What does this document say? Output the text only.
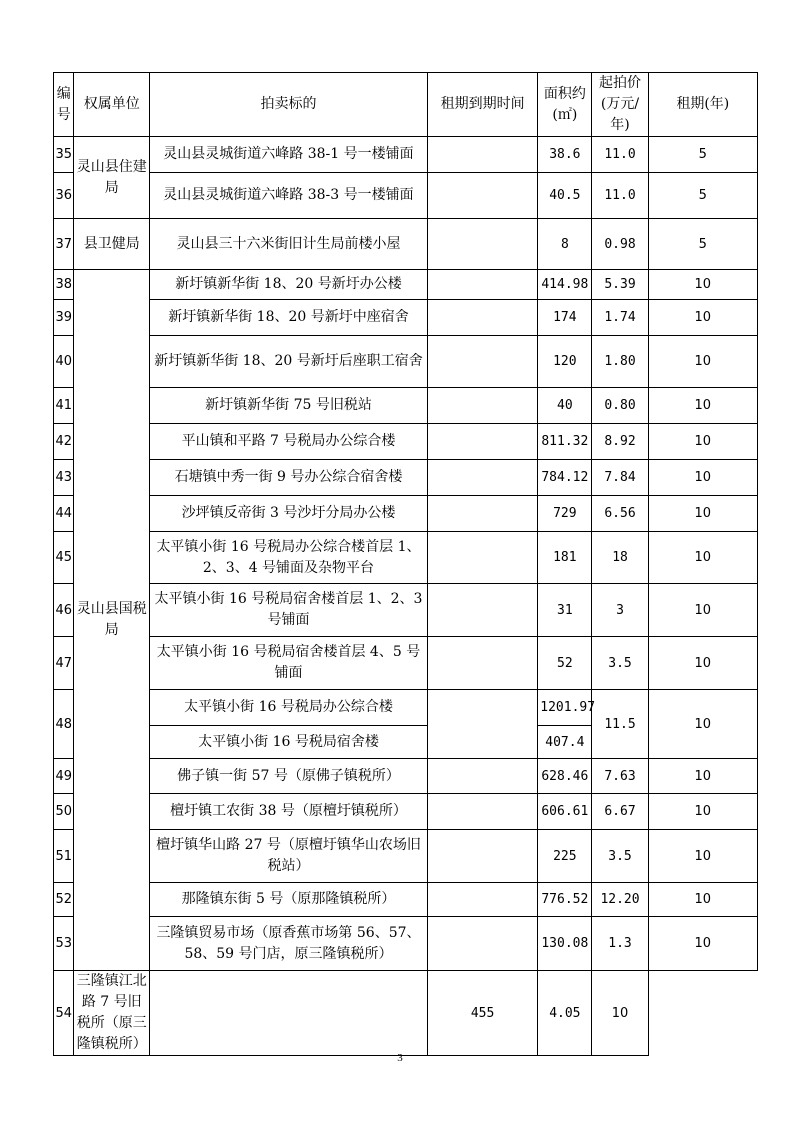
编号	权属单位	拍卖标的	租期到期时间	面积约(㎡)	起拍价(万元/年)	租期(年)
35	灵山县住建局	灵山县灵城街道六峰路 38-1 号一楼铺面		38.6	11.0	5
36		灵山县灵城街道六峰路 38-3 号一楼铺面		40.5	11.0	5
37	县卫健局	灵山县三十六米街旧计生局前楼小屋		8	0.98	5
38	灵山县国税局	新圩镇新华街 18、20 号新圩办公楼		414.98	5.39	10
39		新圩镇新华街 18、20 号新圩中座宿舍		174	1.74	10
40		新圩镇新华街 18、20 号新圩后座职工宿舍		120	1.80	10
41		新圩镇新华街 75 号旧税站		40	0.80	10
42		平山镇和平路 7 号税局办公综合楼		811.32	8.92	10
43		石塘镇中秀一街 9 号办公综合宿舍楼		784.12	7.84	10
44		沙坪镇反帝街 3 号沙圩分局办公楼		729	6.56	10
45		太平镇小街 16 号税局办公综合楼首层 1、2、3、4 号铺面及杂物平台		181	18	10
46		太平镇小街 16 号税局宿舍楼首层 1、2、3 号铺面		31	3	10
47		太平镇小街 16 号税局宿舍楼首层 4、5 号铺面		52	3.5	10
48		太平镇小街 16 号税局办公综合楼		1201.97	11.5	10
		太平镇小街 16 号税局宿舍楼		407.4		
49		佛子镇一街 57 号（原佛子镇税所）		628.46	7.63	10
50		檀圩镇工农街 38 号（原檀圩镇税所）		606.61	6.67	10
51		檀圩镇华山路 27 号（原檀圩镇华山农场旧税站）		225	3.5	10
52		那隆镇东街 5 号（原那隆镇税所）		776.52	12.20	10
53		三隆镇贸易市场（原香蕉市场第 56、57、58、59 号门店，原三隆镇税所）		130.08	1.3	10
54	三隆镇江北路 7 号旧税所（原三隆镇税所）		455	4.05	10	
3
